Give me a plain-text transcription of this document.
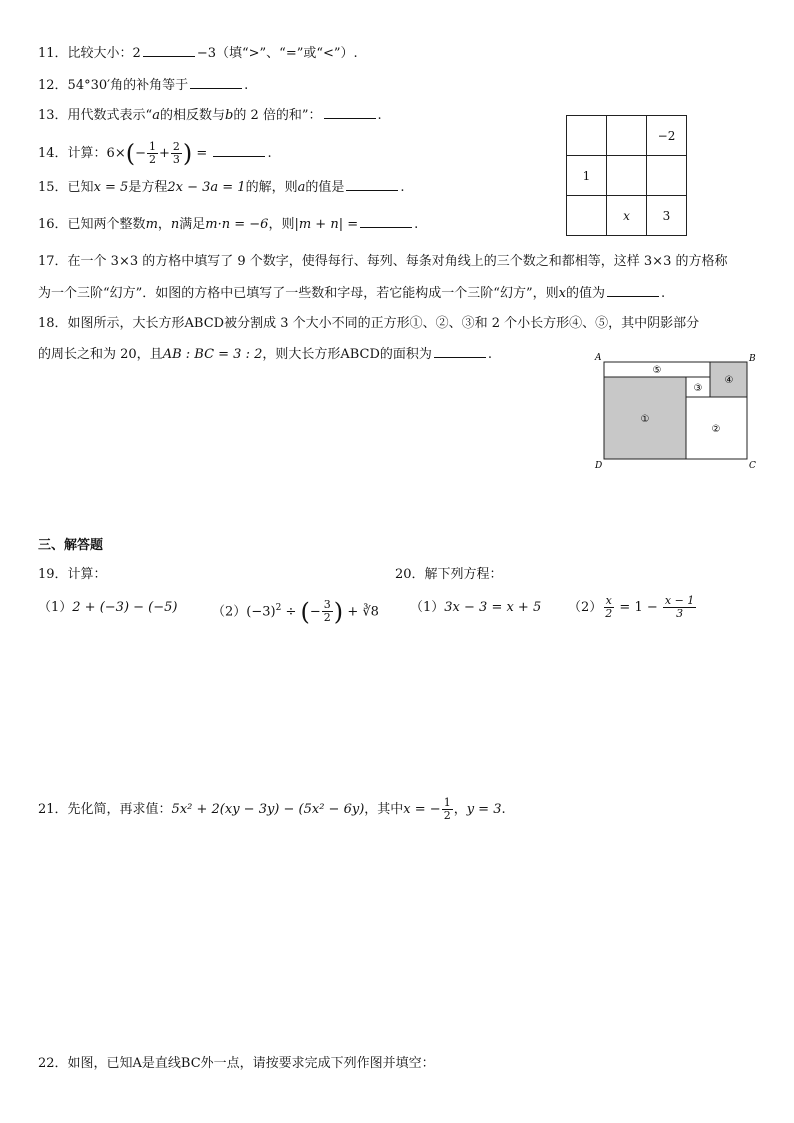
11．比较大小：2	−3（填“>”、“=”或“<”）.
12．54°30′角的补角等于	.
13．用代数式表示“a的相反数与b的 2 倍的和”：	.
14．计算：$6\times(- \frac{1}{2} + \frac{2}{3}$ ) =	.
15．已知x = 5是方程2x − 3a = 1的解，则a的值是	.
16．已知两个整数m，n满足m·n = −6，则|m + n| =	.
		−2
1		
	x	3
17．在一个 3×3 的方格中填写了 9 个数字，使得每行、每列、每条对角线上的三个数之和都相等，这样 3×3 的方格称
为一个三阶“幻方”．如图的方格中已填写了一些数和字母，若它能构成一个三阶“幻方”，则x的值为	.
18．如图所示，大长方形ABCD被分割成 3 个大小不同的正方形①、②、③和 2 个小长方形④、⑤，其中阴影部分
的周长之和为 20，且AB : BC = 3 : 2，则大长方形ABCD的面积为	.
⑤
③
④
①
②
A	B
C
D
三、解答题
19．计算：
（1）2 + (−3) − (−5)	$(2)(-3)^2$ ÷ (− $\frac{3}{2}$ ) + ∛8
20．解下列方程：
（1）3x − 3 = x + 5 $(2) \frac{x}{2} = 1 - \frac{x - 1}{3}$
21．先化简，再求值：5x² + 2(xy − 3y) − (5x² − 6y)，其中x = − $\frac{1}{2}$ ，y = 3.
22．如图，已知A是直线BC外一点，请按要求完成下列作图并填空：
